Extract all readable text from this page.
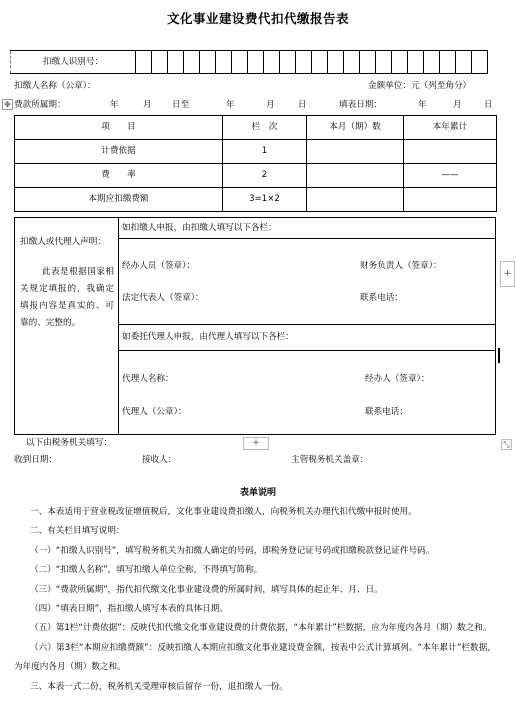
文化事业建设费代扣代缴报告表
扣缴人识别号：
扣缴人名称（公章）：	金额单位：元（列至角分）
✥ 费款所属期：	年	月 日至	年	月	日	填表日期：	年	月	日
项　　目	栏　次	本月（期）数	本年累计
计费依据	1		
费　　率	2		——
本期应扣缴费额	3=1×2		
扣缴人或代理人声明：
此表是根据国家相关规定填报的，我确定填报内容是真实的、可靠的、完整的。
如扣缴人申报，由扣缴人填写以下各栏：
经办人员（签章）：	财务负责人（签章）：
法定代表人（签章）：	联系电话：
如委托代理人申报，由代理人填写以下各栏：
代理人名称：	经办人（签章）：
代理人（公章）：	联系电话：
+
以下由税务机关填写：	+	⤡
收到日期：	接收人：	主管税务机关盖章：
表单说明

一、本表适用于营业税改征增值税后，文化事业建设费扣缴人，向税务机关办理代扣代缴申报时使用。

二、有关栏目填写说明：

（一）“扣缴人识别号”，填写税务机关为扣缴人确定的号码，即税务登记证号码或扣缴税款登记证件号码。

（二）“扣缴人名称”，填写扣缴人单位全称，不得填写简称。

（三）“费款所属期”，指代扣代缴文化事业建设费的所属时间，填写具体的起止年、月、日。

（四）“填表日期”，指扣缴人填写本表的具体日期。

（五）第1栏“计费依据”：反映代扣代缴文化事业建设费的计费依据，“本年累计”栏数据，应为年度内各月（期）数之和。

（六）第3栏“本期应扣缴费额”：反映扣缴人本期应扣缴文化事业建设费金额，按表中公式计算填列。“本年累计”栏数据，为年度内各月（期）数之和。

三、本表一式二份，税务机关受理审核后留存一份，退扣缴人一份。
